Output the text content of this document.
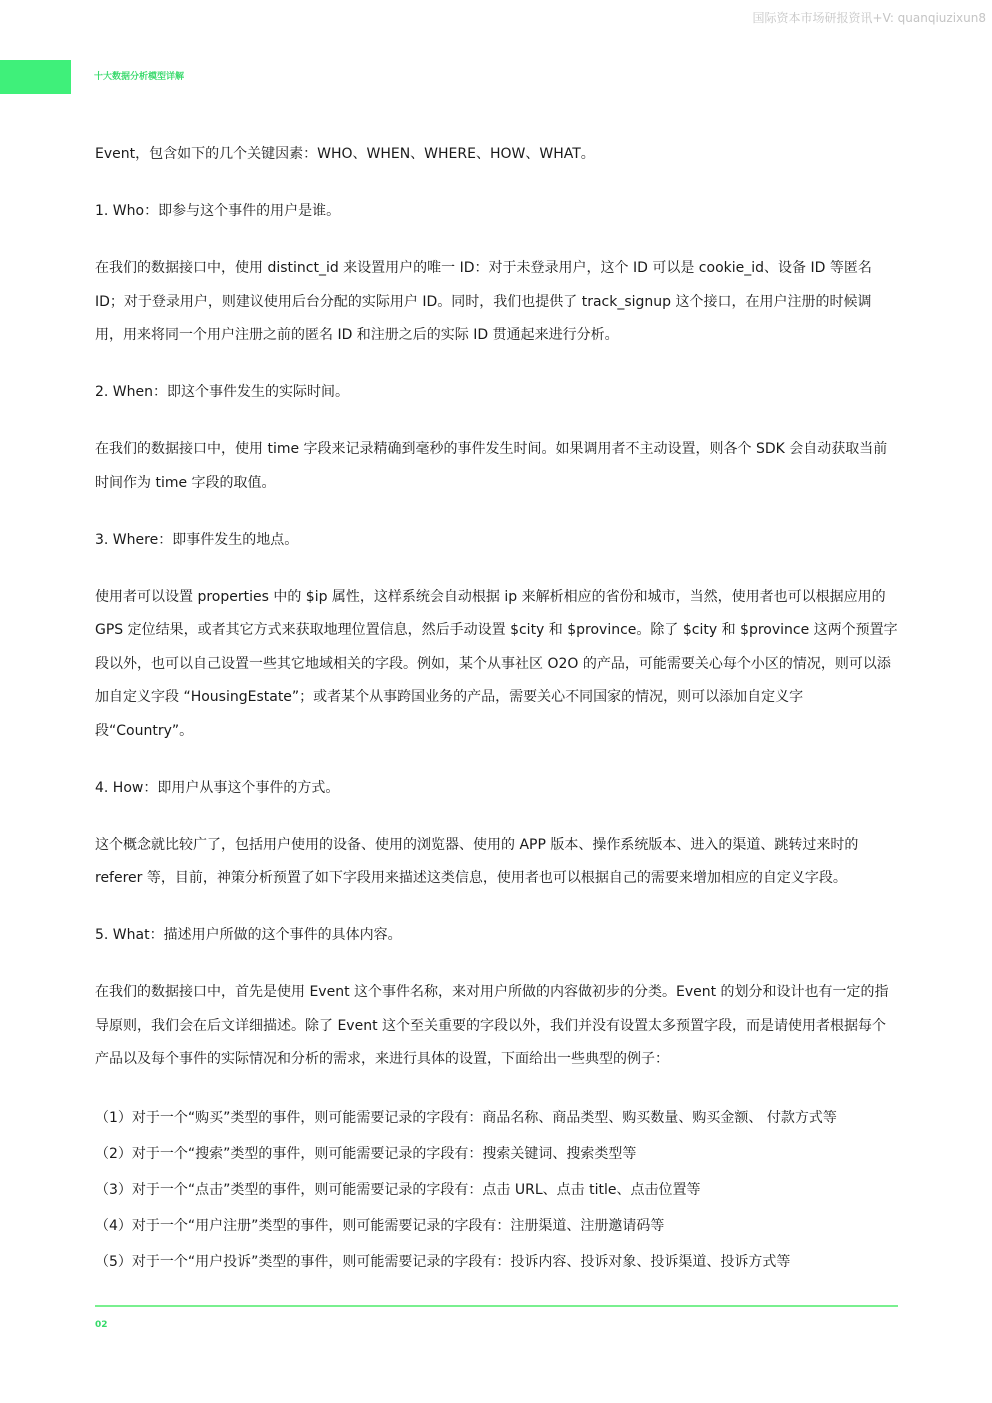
国际资本市场研报资讯+V: quanqiuzixun8
十大数据分析模型详解

Event，包含如下的几个关键因素：WHO、WHEN、WHERE、HOW、WHAT。

1. Who：即参与这个事件的用户是谁。

在我们的数据接口中，使用 distinct_id 来设置用户的唯一 ID：对于未登录用户，这个 ID 可以是 cookie_id、设备 ID 等匿名 ID；对于登录用户，则建议使用后台分配的实际用户 ID。同时，我们也提供了 track_signup 这个接口，在用户注册的时候调用，用来将同一个用户注册之前的匿名 ID 和注册之后的实际 ID 贯通起来进行分析。

2. When：即这个事件发生的实际时间。

在我们的数据接口中，使用 time 字段来记录精确到毫秒的事件发生时间。如果调用者不主动设置，则各个 SDK 会自动获取当前时间作为 time 字段的取值。

3. Where：即事件发生的地点。

使用者可以设置 properties 中的 $ip 属性，这样系统会自动根据 ip 来解析相应的省份和城市，当然，使用者也可以根据应用的 GPS 定位结果，或者其它方式来获取地理位置信息，然后手动设置 $city 和 $province。除了 $city 和 $province 这两个预置字段以外，也可以自己设置一些其它地域相关的字段。例如，某个从事社区 O2O 的产品，可能需要关心每个小区的情况，则可以添加自定义字段 “HousingEstate”；或者某个从事跨国业务的产品，需要关心不同国家的情况，则可以添加自定义字段“Country”。

4. How：即用户从事这个事件的方式。

这个概念就比较广了，包括用户使用的设备、使用的浏览器、使用的 APP 版本、操作系统版本、进入的渠道、跳转过来时的 referer 等，目前，神策分析预置了如下字段用来描述这类信息，使用者也可以根据自己的需要来增加相应的自定义字段。

5. What：描述用户所做的这个事件的具体内容。

在我们的数据接口中，首先是使用 Event 这个事件名称，来对用户所做的内容做初步的分类。Event 的划分和设计也有一定的指导原则，我们会在后文详细描述。除了 Event 这个至关重要的字段以外，我们并没有设置太多预置字段，而是请使用者根据每个产品以及每个事件的实际情况和分析的需求，来进行具体的设置，下面给出一些典型的例子：

（1）对于一个“购买”类型的事件，则可能需要记录的字段有：商品名称、商品类型、购买数量、购买金额、 付款方式等
（2）对于一个“搜索”类型的事件，则可能需要记录的字段有：搜索关键词、搜索类型等
（3）对于一个“点击”类型的事件，则可能需要记录的字段有：点击 URL、点击 title、点击位置等
（4）对于一个“用户注册”类型的事件，则可能需要记录的字段有：注册渠道、注册邀请码等
（5）对于一个“用户投诉”类型的事件，则可能需要记录的字段有：投诉内容、投诉对象、投诉渠道、投诉方式等
02
